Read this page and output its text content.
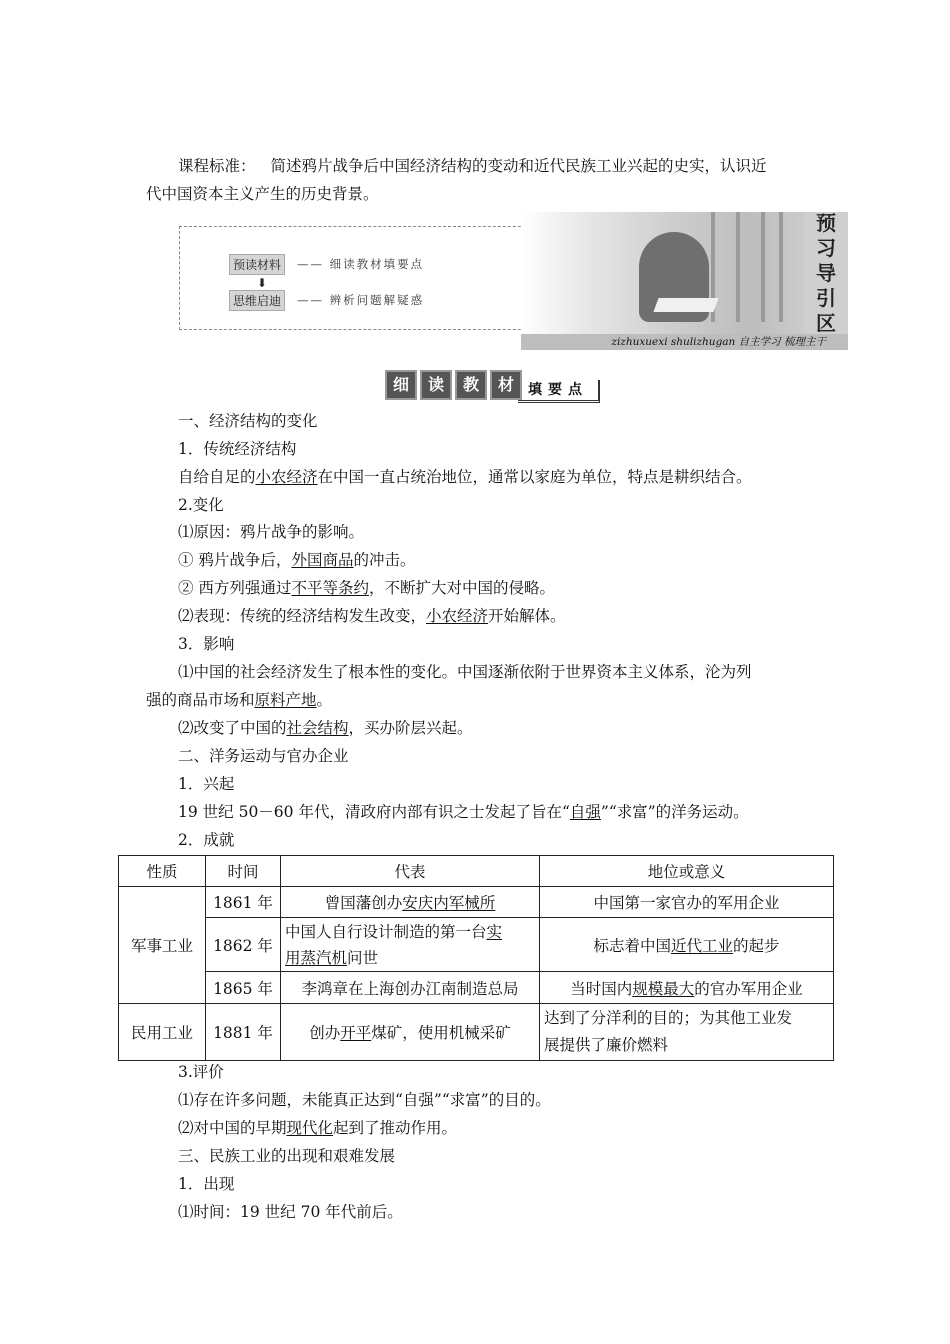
课程标准： 简述鸦片战争后中国经济结构的变动和近代民族工业兴起的史实，认识近
代中国资本主义产生的历史背景。
预读材料	—— 细读教材填要点
⬇
思维启迪	—— 辨析问题解疑惑
预
习
导
引
区
zizhuxuexi shulizhugan 自主学习 梳理主干
细	读	教	材	填要点
一、经济结构的变化
1．传统经济结构
自给自足的小农经济在中国一直占统治地位，通常以家庭为单位，特点是耕织结合。
2.变化
⑴原因：鸦片战争的影响。
① 鸦片战争后，外国商品的冲击。
② 西方列强通过不平等条约，不断扩大对中国的侵略。
⑵表现：传统的经济结构发生改变，小农经济开始解体。
3．影响
⑴中国的社会经济发生了根本性的变化。中国逐渐依附于世界资本主义体系，沦为列
强的商品市场和原料产地。
⑵改变了中国的社会结构，买办阶层兴起。
二、洋务运动与官办企业
1．兴起
19 世纪 50－60 年代，清政府内部有识之士发起了旨在“自强”“求富”的洋务运动。
2．成就
性质	时间	代表	地位或意义
军事工业	1861 年	曾国藩创办安庆内军械所	中国第一家官办的军用企业
	1862 年	中国人自行设计制造的第一台实
用蒸汽机问世	标志着中国近代工业的起步
	1865 年	李鸿章在上海创办江南制造总局	当时国内规模最大的官办军用企业
民用工业	1881 年	创办开平煤矿，使用机械采矿	达到了分洋利的目的；为其他工业发
展提供了廉价燃料
3.评价
⑴存在许多问题，未能真正达到“自强”“求富”的目的。
⑵对中国的早期现代化起到了推动作用。
三、民族工业的出现和艰难发展
1．出现
⑴时间：19 世纪 70 年代前后。
